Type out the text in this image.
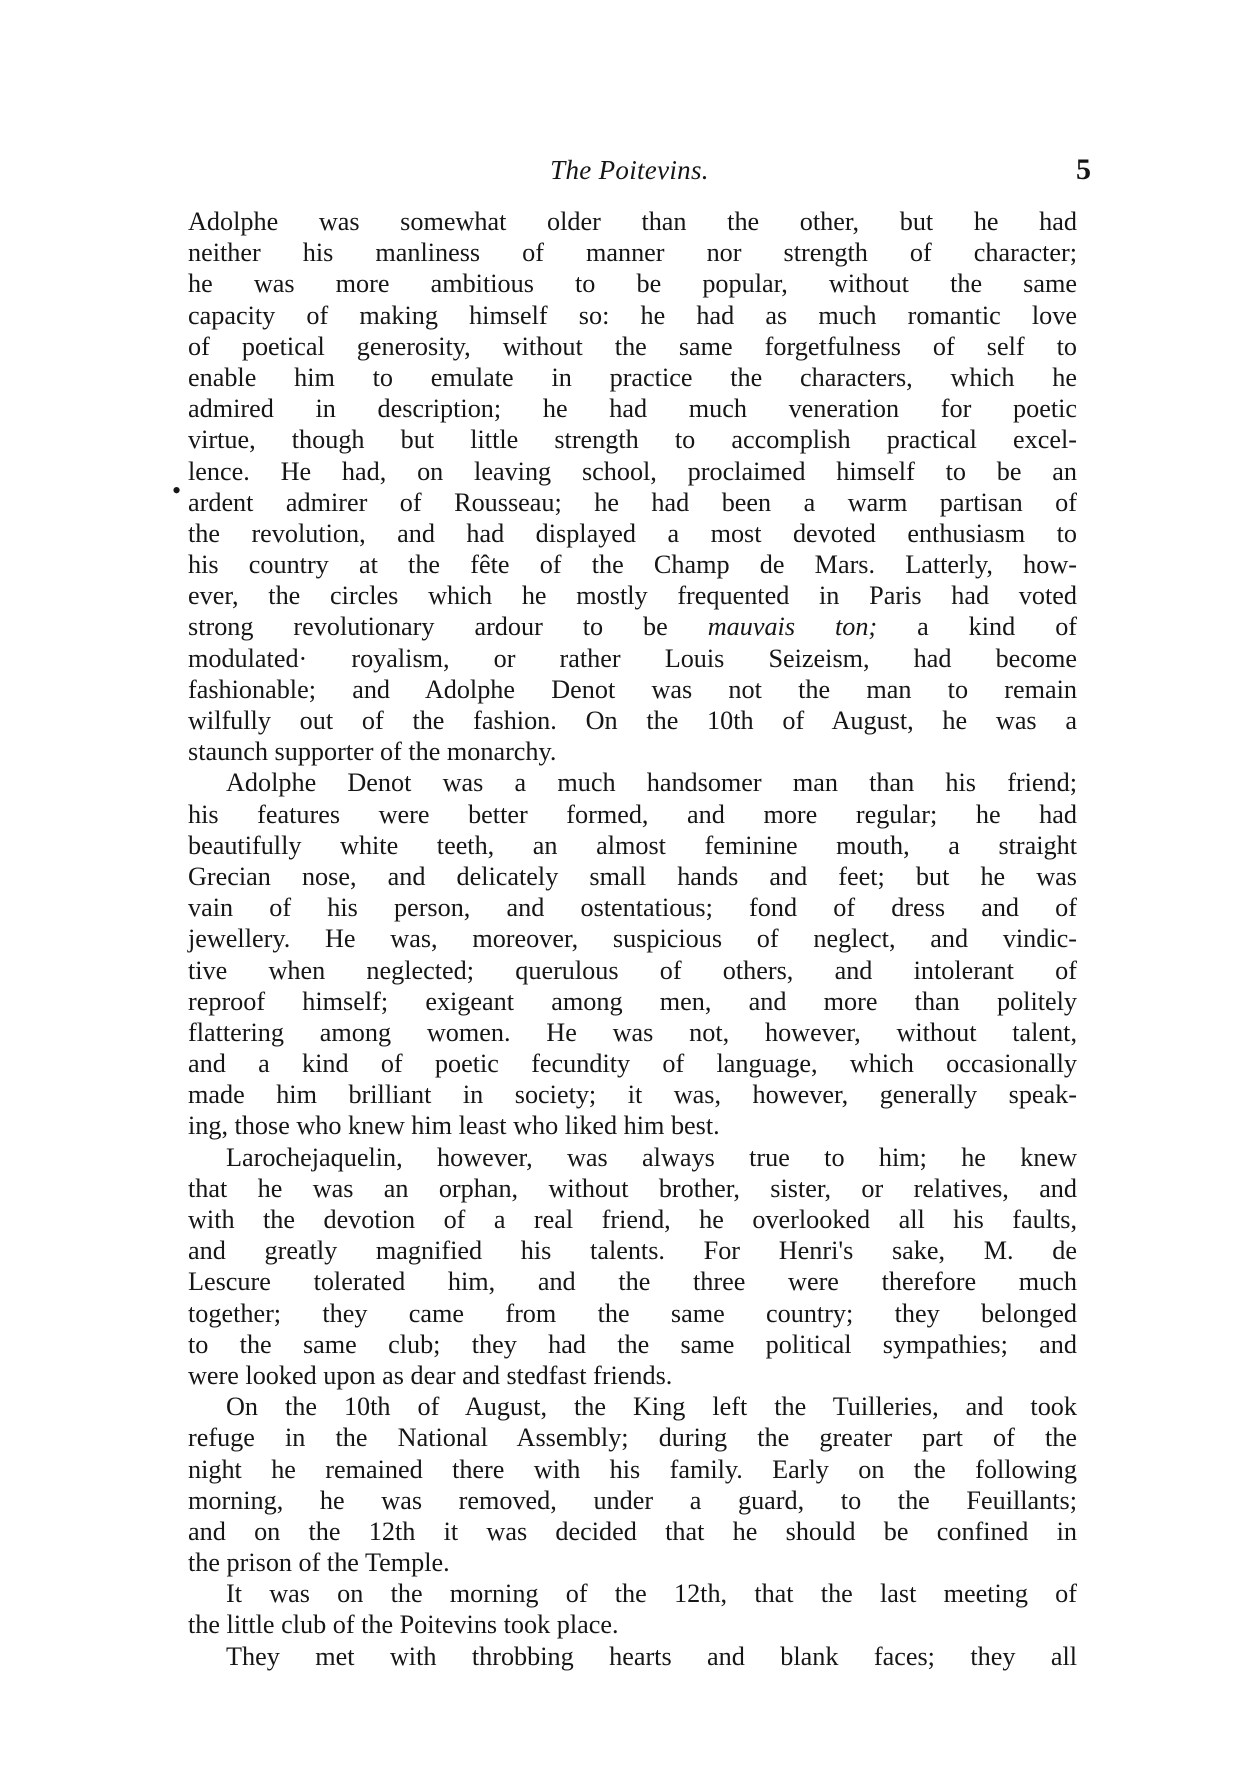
The Poitevins.	5
•
Adolphe was somewhat older than the other, but he had
neither his manliness of manner nor strength of character;
he was more ambitious to be popular, without the same
capacity of making himself so: he had as much romantic love
of poetical generosity, without the same forgetfulness of self to
enable him to emulate in practice the characters, which he
admired in description; he had much veneration for poetic
virtue, though but little strength to accomplish practical excel-
lence. He had, on leaving school, proclaimed himself to be an
ardent admirer of Rousseau; he had been a warm partisan of
the revolution, and had displayed a most devoted enthusiasm to
his country at the fête of the Champ de Mars. Latterly, how-
ever, the circles which he mostly frequented in Paris had voted
strong revolutionary ardour to be mauvais ton; a kind of
modulated· royalism, or rather Louis Seizeism, had become
fashionable; and Adolphe Denot was not the man to remain
wilfully out of the fashion. On the 10th of August, he was a
staunch supporter of the monarchy.
Adolphe Denot was a much handsomer man than his friend;
his features were better formed, and more regular; he had
beautifully white teeth, an almost feminine mouth, a straight
Grecian nose, and delicately small hands and feet; but he was
vain of his person, and ostentatious; fond of dress and of
jewellery. He was, moreover, suspicious of neglect, and vindic-
tive when neglected; querulous of others, and intolerant of
reproof himself; exigeant among men, and more than politely
flattering among women. He was not, however, without talent,
and a kind of poetic fecundity of language, which occasionally
made him brilliant in society; it was, however, generally speak-
ing, those who knew him least who liked him best.
Larochejaquelin, however, was always true to him; he knew
that he was an orphan, without brother, sister, or relatives, and
with the devotion of a real friend, he overlooked all his faults,
and greatly magnified his talents. For Henri's sake, M. de
Lescure tolerated him, and the three were therefore much
together; they came from the same country; they belonged
to the same club; they had the same political sympathies; and
were looked upon as dear and stedfast friends.
On the 10th of August, the King left the Tuilleries, and took
refuge in the National Assembly; during the greater part of the
night he remained there with his family. Early on the following
morning, he was removed, under a guard, to the Feuillants;
and on the 12th it was decided that he should be confined in
the prison of the Temple.
It was on the morning of the 12th, that the last meeting of
the little club of the Poitevins took place.
They met with throbbing hearts and blank faces; they all
